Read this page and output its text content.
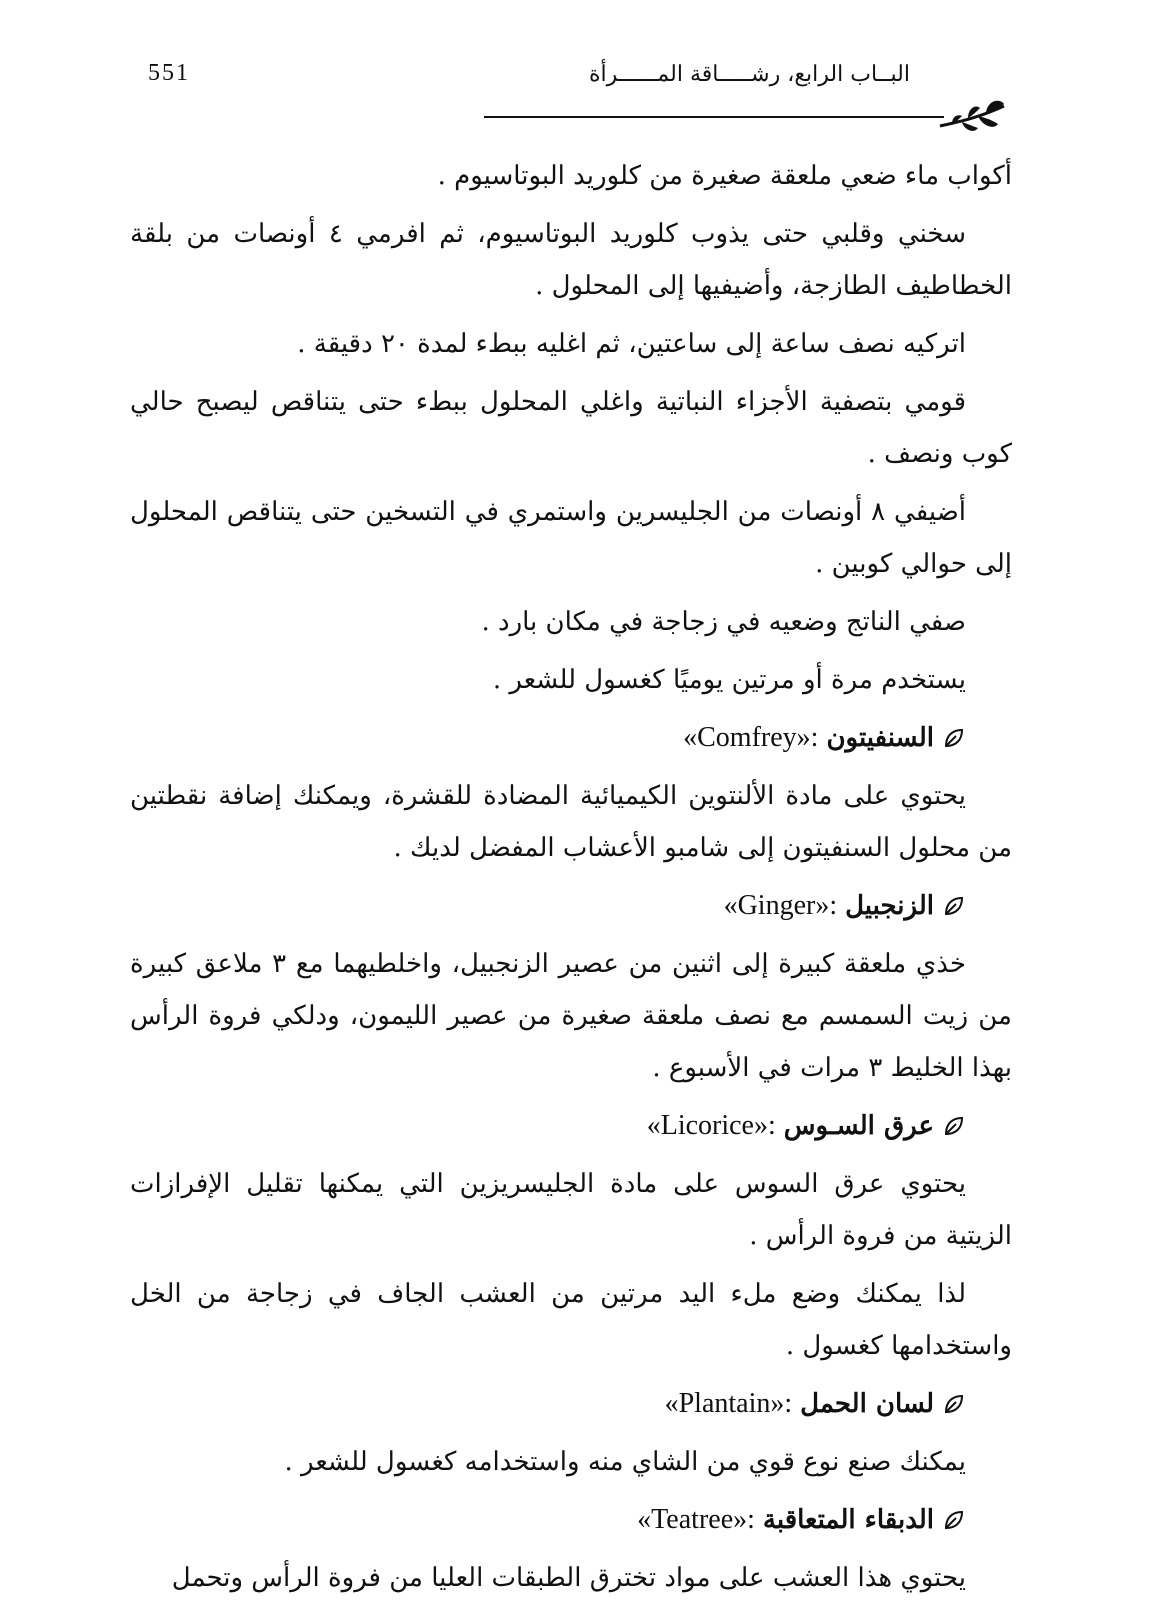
551	البــاب الرابع، رشـــــاقة المــــــرأة

أكواب ماء ضعي ملعقة صغيرة من كلوريد البوتاسيوم .

سخني وقلبي حتى يذوب كلوريد البوتاسيوم، ثم افرمي ٤ أونصات من بلقة الخطاطيف الطازجة، وأضيفيها إلى المحلول .

اتركيه نصف ساعة إلى ساعتين، ثم اغليه ببطء لمدة ٢٠ دقيقة .

قومي بتصفية الأجزاء النباتية واغلي المحلول ببطء حتى يتناقص ليصبح حالي كوب ونصف .

أضيفي ٨ أونصات من الجليسرين واستمري في التسخين حتى يتناقص المحلول إلى حوالي كوبين .

صفي الناتج وضعيه في زجاجة في مكان بارد .

يستخدم مرة أو مرتين يوميًا كغسول للشعر .

السنفيتون
«Comfrey»:

يحتوي على مادة الألنتوين الكيميائية المضادة للقشرة، ويمكنك إضافة نقطتين من محلول السنفيتون إلى شامبو الأعشاب المفضل لديك .

الزنجبيل
«Ginger»:

خذي ملعقة كبيرة إلى اثنين من عصير الزنجبيل، واخلطيهما مع ٣ ملاعق كبيرة من زيت السمسم مع نصف ملعقة صغيرة من عصير الليمون، ودلكي فروة الرأس بهذا الخليط ٣ مرات في الأسبوع .

عرق السـوس
«Licorice»:

يحتوي عرق السوس على مادة الجليسريزين التي يمكنها تقليل الإفرازات الزيتية من فروة الرأس .

لذا يمكنك وضع ملء اليد مرتين من العشب الجاف في زجاجة من الخل واستخدامها كغسول .

لسان الحمل
«Plantain»:

يمكنك صنع نوع قوي من الشاي منه واستخدامه كغسول للشعر .

الدبقاء المتعاقبة
«Teatree»:

يحتوي هذا العشب على مواد تخترق الطبقات العليا من فروة الرأس وتحمل
